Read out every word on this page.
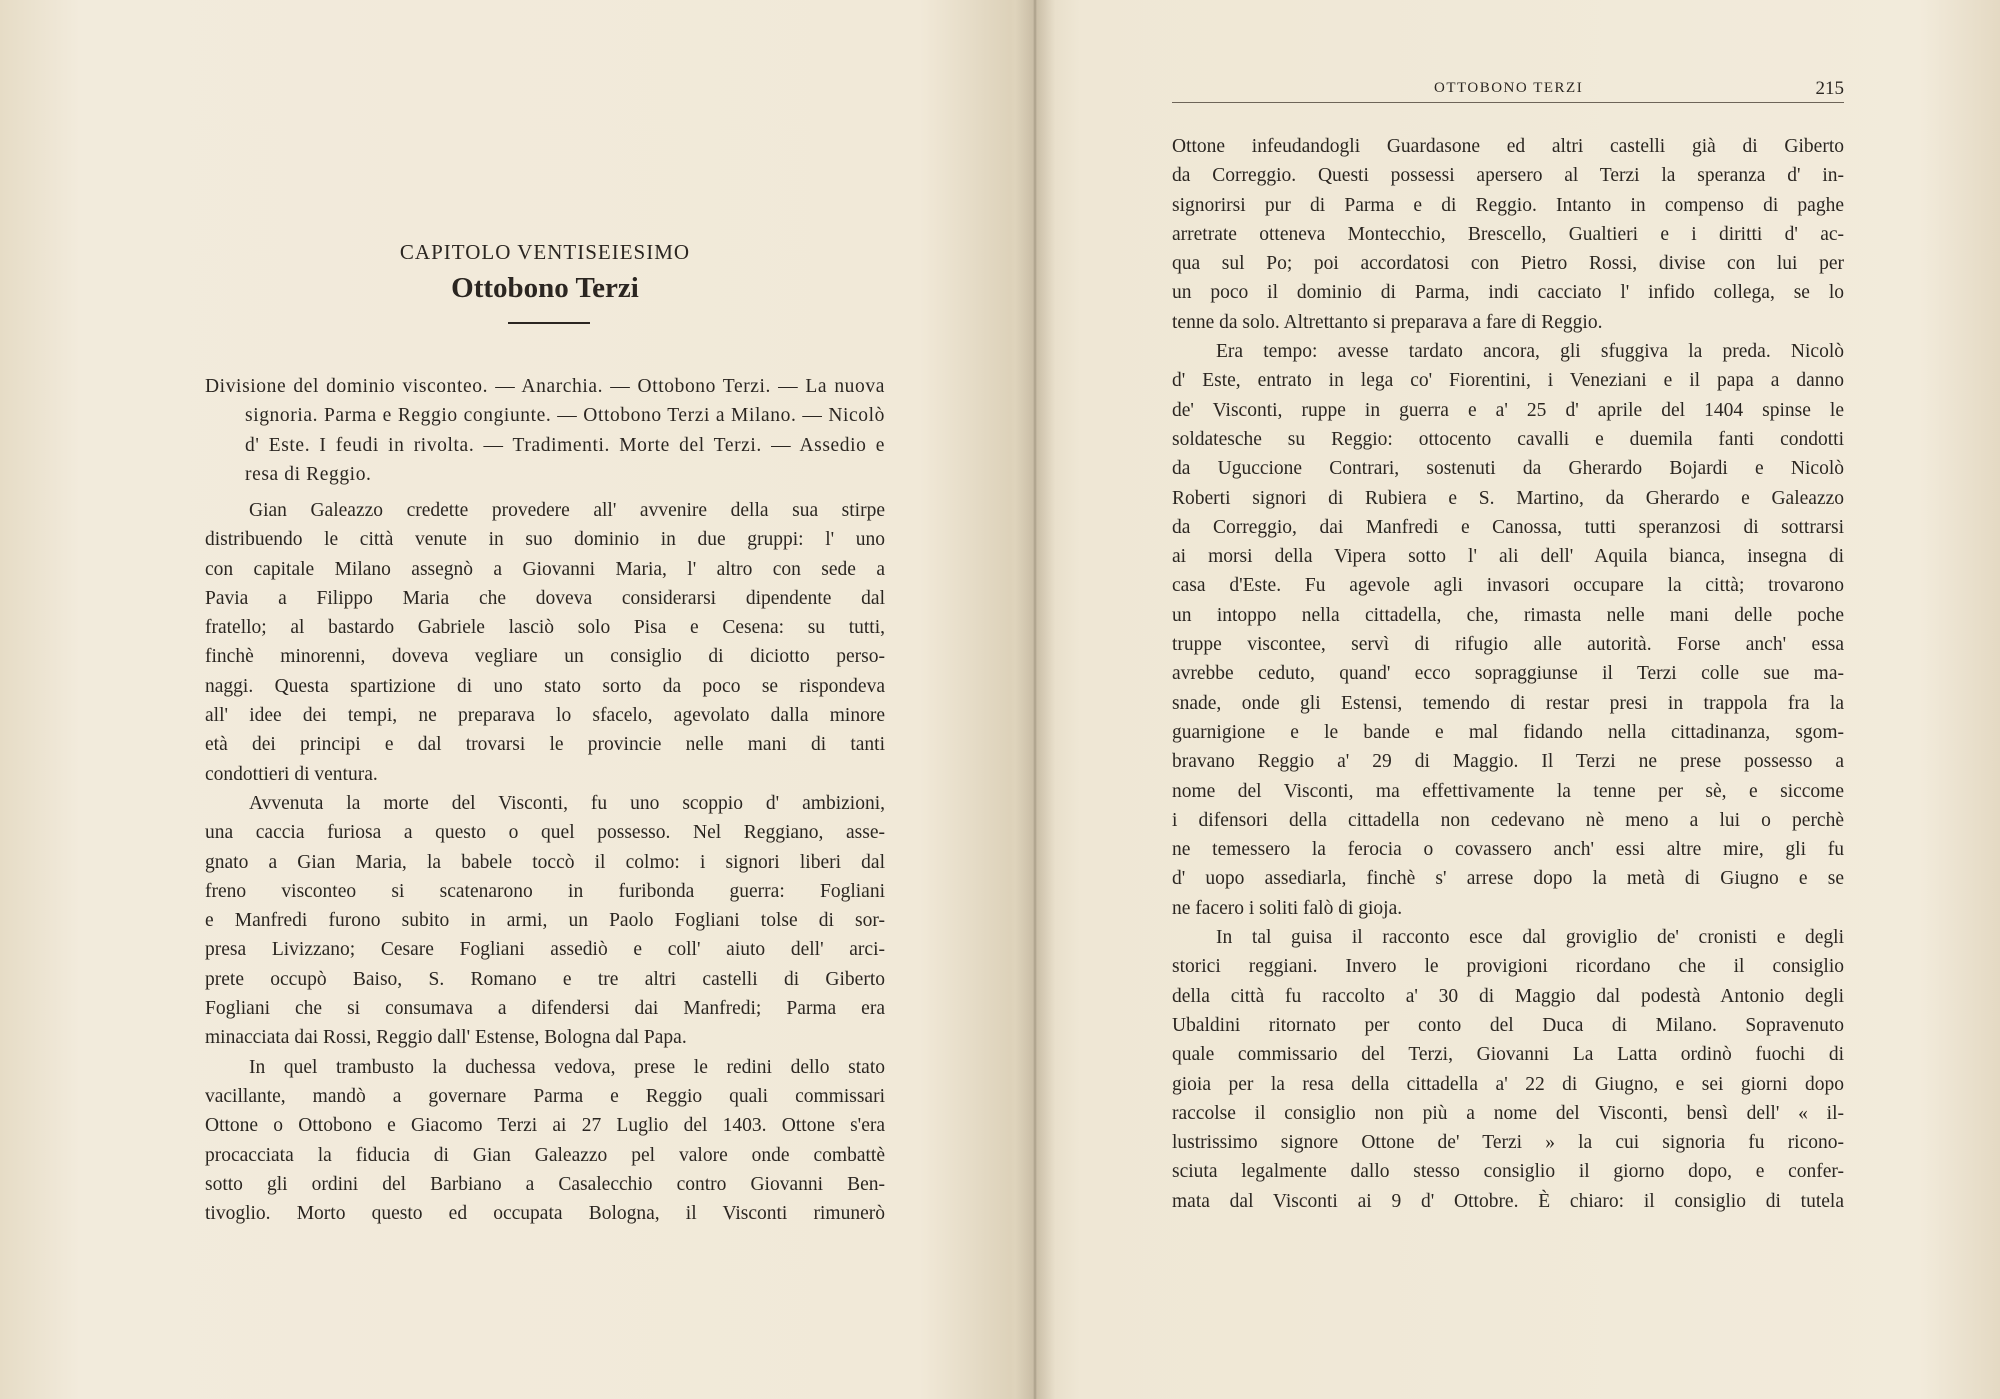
CAPITOLO VENTISEIESIMO
Ottobono Terzi
Divisione del dominio visconteo. — Anarchia. — Ottobono Terzi. — La nuova
signoria. Parma e Reggio congiunte. — Ottobono Terzi a Milano. — Nicolò
d' Este. I feudi in rivolta. — Tradimenti. Morte del Terzi. — Assedio e
resa di Reggio.
Gian Galeazzo credette provedere all' avvenire della sua stirpe
distribuendo le città venute in suo dominio in due gruppi: l' uno
con capitale Milano assegnò a Giovanni Maria, l' altro con sede a
Pavia a Filippo Maria che doveva considerarsi dipendente dal
fratello; al bastardo Gabriele lasciò solo Pisa e Cesena: su tutti,
finchè minorenni, doveva vegliare un consiglio di diciotto perso-
naggi. Questa spartizione di uno stato sorto da poco se rispondeva
all' idee dei tempi, ne preparava lo sfacelo, agevolato dalla minore
età dei principi e dal trovarsi le provincie nelle mani di tanti
condottieri di ventura.
Avvenuta la morte del Visconti, fu uno scoppio d' ambizioni,
una caccia furiosa a questo o quel possesso. Nel Reggiano, asse-
gnato a Gian Maria, la babele toccò il colmo: i signori liberi dal
freno visconteo si scatenarono in furibonda guerra: Fogliani
e Manfredi furono subito in armi, un Paolo Fogliani tolse di sor-
presa Livizzano; Cesare Fogliani assediò e coll' aiuto dell' arci-
prete occupò Baiso, S. Romano e tre altri castelli di Giberto
Fogliani che si consumava a difendersi dai Manfredi; Parma era
minacciata dai Rossi, Reggio dall' Estense, Bologna dal Papa.
In quel trambusto la duchessa vedova, prese le redini dello stato
vacillante, mandò a governare Parma e Reggio quali commissari
Ottone o Ottobono e Giacomo Terzi ai 27 Luglio del 1403. Ottone s'era
procacciata la fiducia di Gian Galeazzo pel valore onde combattè
sotto gli ordini del Barbiano a Casalecchio contro Giovanni Ben-
tivoglio. Morto questo ed occupata Bologna, il Visconti rimunerò
OTTOBONO TERZI	215
Ottone infeudandogli Guardasone ed altri castelli già di Giberto
da Correggio. Questi possessi apersero al Terzi la speranza d' in-
signorirsi pur di Parma e di Reggio. Intanto in compenso di paghe
arretrate otteneva Montecchio, Brescello, Gualtieri e i diritti d' ac-
qua sul Po; poi accordatosi con Pietro Rossi, divise con lui per
un poco il dominio di Parma, indi cacciato l' infido collega, se lo
tenne da solo. Altrettanto si preparava a fare di Reggio.
Era tempo: avesse tardato ancora, gli sfuggiva la preda. Nicolò
d' Este, entrato in lega co' Fiorentini, i Veneziani e il papa a danno
de' Visconti, ruppe in guerra e a' 25 d' aprile del 1404 spinse le
soldatesche su Reggio: ottocento cavalli e duemila fanti condotti
da Uguccione Contrari, sostenuti da Gherardo Bojardi e Nicolò
Roberti signori di Rubiera e S. Martino, da Gherardo e Galeazzo
da Correggio, dai Manfredi e Canossa, tutti speranzosi di sottrarsi
ai morsi della Vipera sotto l' ali dell' Aquila bianca, insegna di
casa d'Este. Fu agevole agli invasori occupare la città; trovarono
un intoppo nella cittadella, che, rimasta nelle mani delle poche
truppe viscontee, servì di rifugio alle autorità. Forse anch' essa
avrebbe ceduto, quand' ecco sopraggiunse il Terzi colle sue ma-
snade, onde gli Estensi, temendo di restar presi in trappola fra la
guarnigione e le bande e mal fidando nella cittadinanza, sgom-
bravano Reggio a' 29 di Maggio. Il Terzi ne prese possesso a
nome del Visconti, ma effettivamente la tenne per sè, e siccome
i difensori della cittadella non cedevano nè meno a lui o perchè
ne temessero la ferocia o covassero anch' essi altre mire, gli fu
d' uopo assediarla, finchè s' arrese dopo la metà di Giugno e se
ne facero i soliti falò di gioja.
In tal guisa il racconto esce dal groviglio de' cronisti e degli
storici reggiani. Invero le provigioni ricordano che il consiglio
della città fu raccolto a' 30 di Maggio dal podestà Antonio degli
Ubaldini ritornato per conto del Duca di Milano. Sopravenuto
quale commissario del Terzi, Giovanni La Latta ordinò fuochi di
gioia per la resa della cittadella a' 22 di Giugno, e sei giorni dopo
raccolse il consiglio non più a nome del Visconti, bensì dell' « il-
lustrissimo signore Ottone de' Terzi » la cui signoria fu ricono-
sciuta legalmente dallo stesso consiglio il giorno dopo, e confer-
mata dal Visconti ai 9 d' Ottobre. È chiaro: il consiglio di tutela
